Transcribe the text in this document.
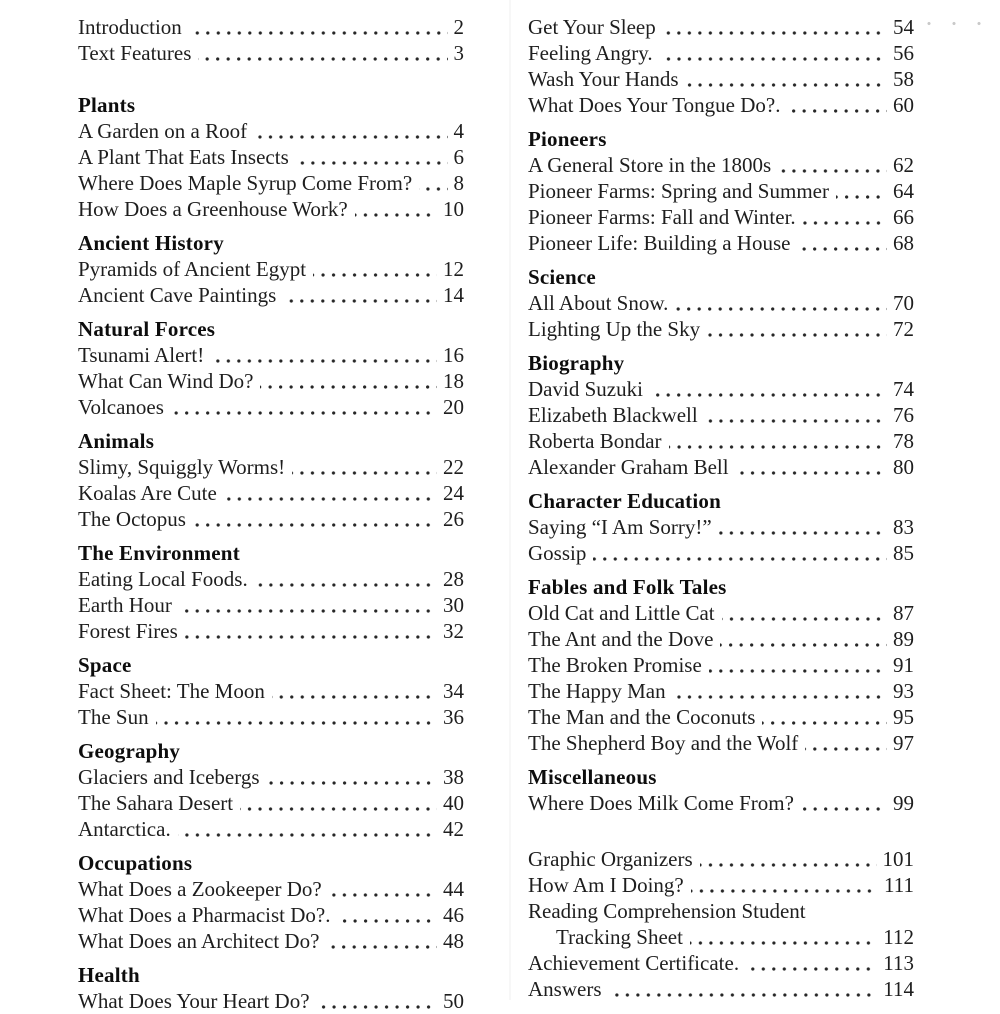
Introduction	2
Text Features	3
Plants
A Garden on a Roof	4
A Plant That Eats Insects	6
Where Does Maple Syrup Come From? 8
How Does a Greenhouse Work?	10
Ancient History
Pyramids of Ancient Egypt	12
Ancient Cave Paintings	14
Natural Forces
Tsunami Alert!	16
What Can Wind Do?	18
Volcanoes	20
Animals
Slimy, Squiggly Worms!	22
Koalas Are Cute	24
The Octopus	26
The Environment
Eating Local Foods.	28
Earth Hour	30
Forest Fires	32
Space
Fact Sheet: The Moon	34
The Sun	36
Geography
Glaciers and Icebergs	38
The Sahara Desert	40
Antarctica.	42
Occupations
What Does a Zookeeper Do?	44
What Does a Pharmacist Do?.	46
What Does an Architect Do?	48
Health
What Does Your Heart Do?	50
Get Your Sleep	54
Feeling Angry.	56
Wash Your Hands	58
What Does Your Tongue Do?.	60
Pioneers
A General Store in the 1800s	62
Pioneer Farms: Spring and Summer	64
Pioneer Farms: Fall and Winter.	66
Pioneer Life: Building a House	68
Science
All About Snow.	70
Lighting Up the Sky	72
Biography
David Suzuki	74
Elizabeth Blackwell	76
Roberta Bondar	78
Alexander Graham Bell	80
Character Education
Saying “I Am Sorry!”	83
Gossip	85
Fables and Folk Tales
Old Cat and Little Cat	87
The Ant and the Dove	89
The Broken Promise	91
The Happy Man	93
The Man and the Coconuts	95
The Shepherd Boy and the Wolf	97
Miscellaneous
Where Does Milk Come From?	99
Graphic Organizers	101
How Am I Doing?	111
Reading Comprehension Student
Tracking Sheet	112
Achievement Certificate.	113
Answers	114
